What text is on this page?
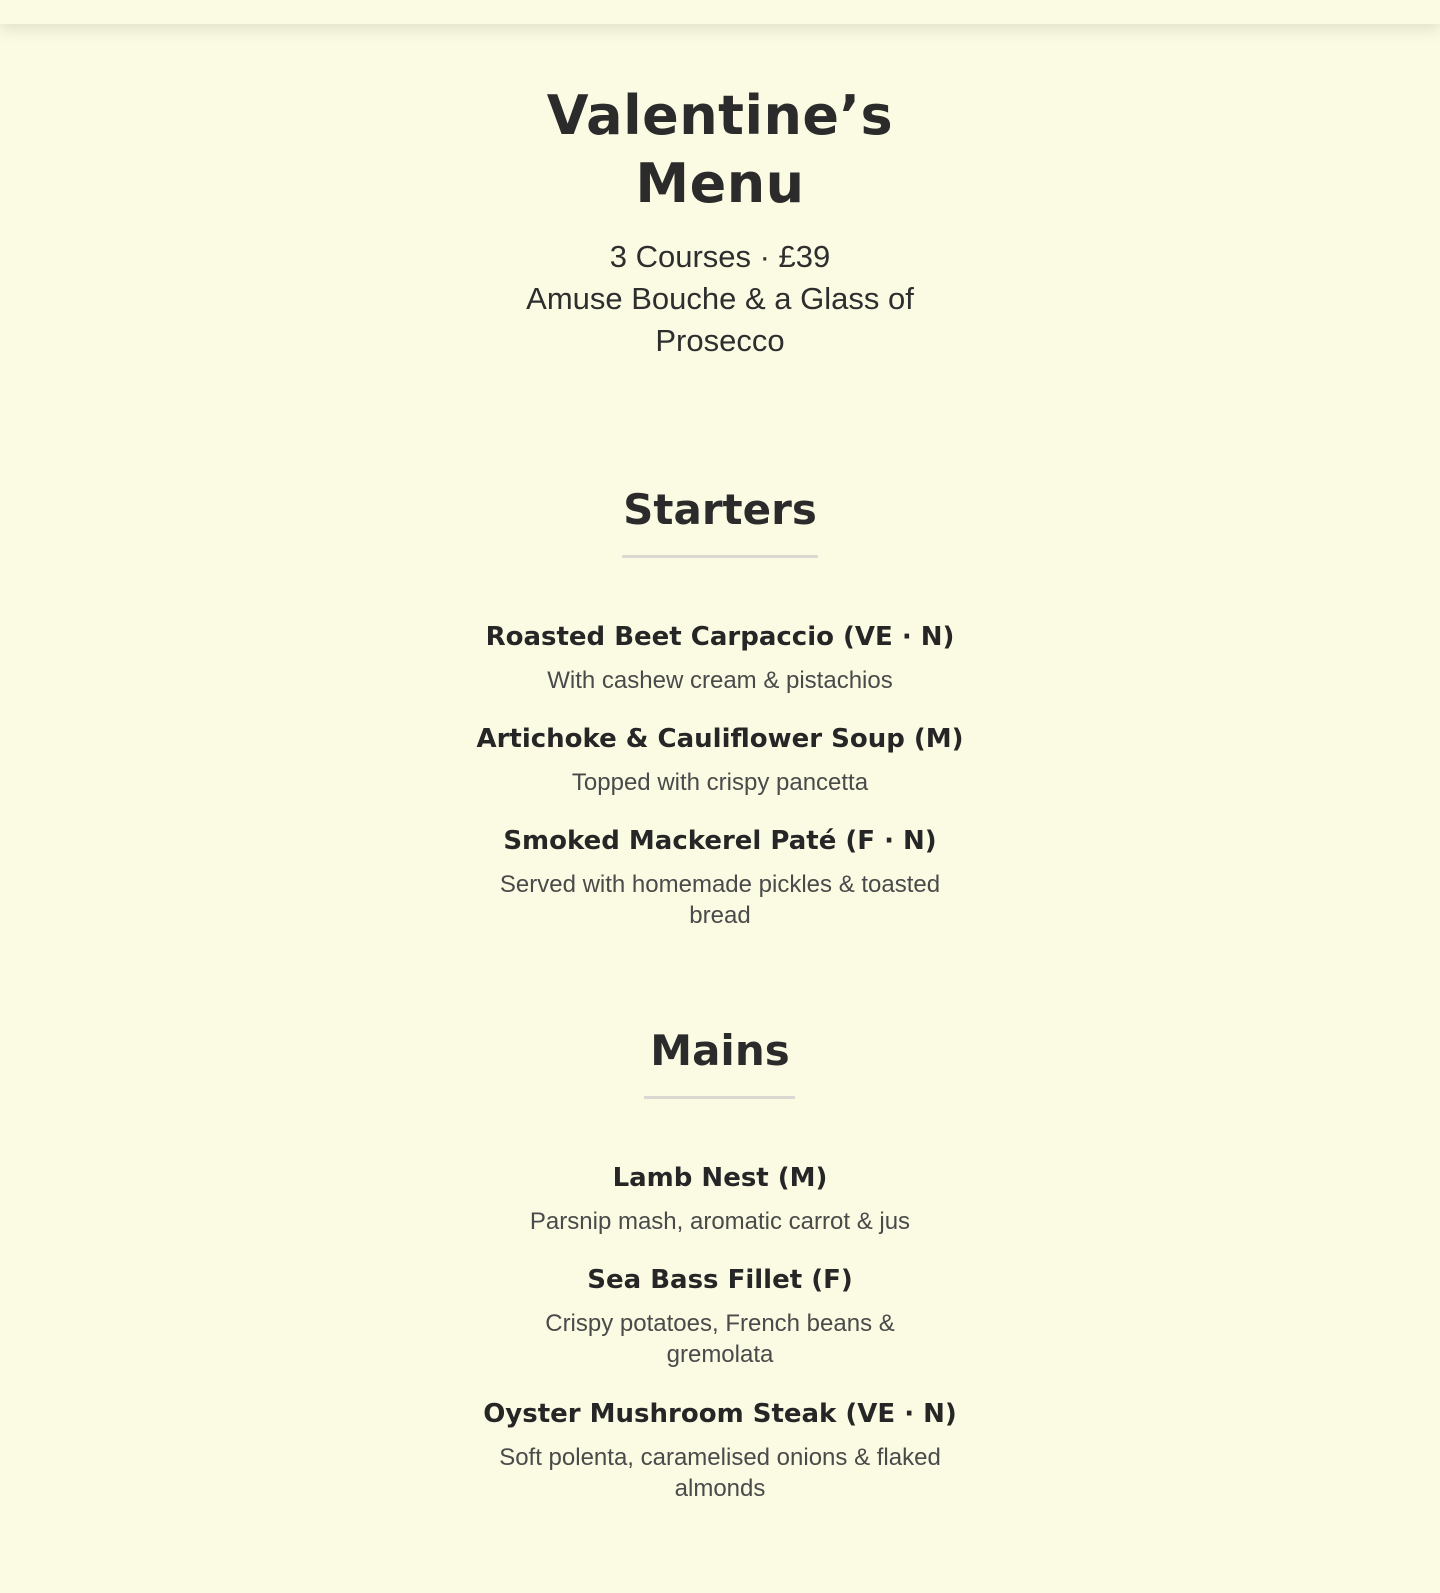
Valentine’s
Menu
3 Courses · £39
Amuse Bouche & a Glass of
Prosecco
Starters
Roasted Beet Carpaccio (VE · N)
With cashew cream & pistachios
Artichoke & Cauliflower Soup (M)
Topped with crispy pancetta
Smoked Mackerel Paté (F · N)
Served with homemade pickles & toasted
bread
Mains
Lamb Nest (M)
Parsnip mash, aromatic carrot & jus
Sea Bass Fillet (F)
Crispy potatoes, French beans &
gremolata
Oyster Mushroom Steak (VE · N)
Soft polenta, caramelised onions & flaked
almonds
